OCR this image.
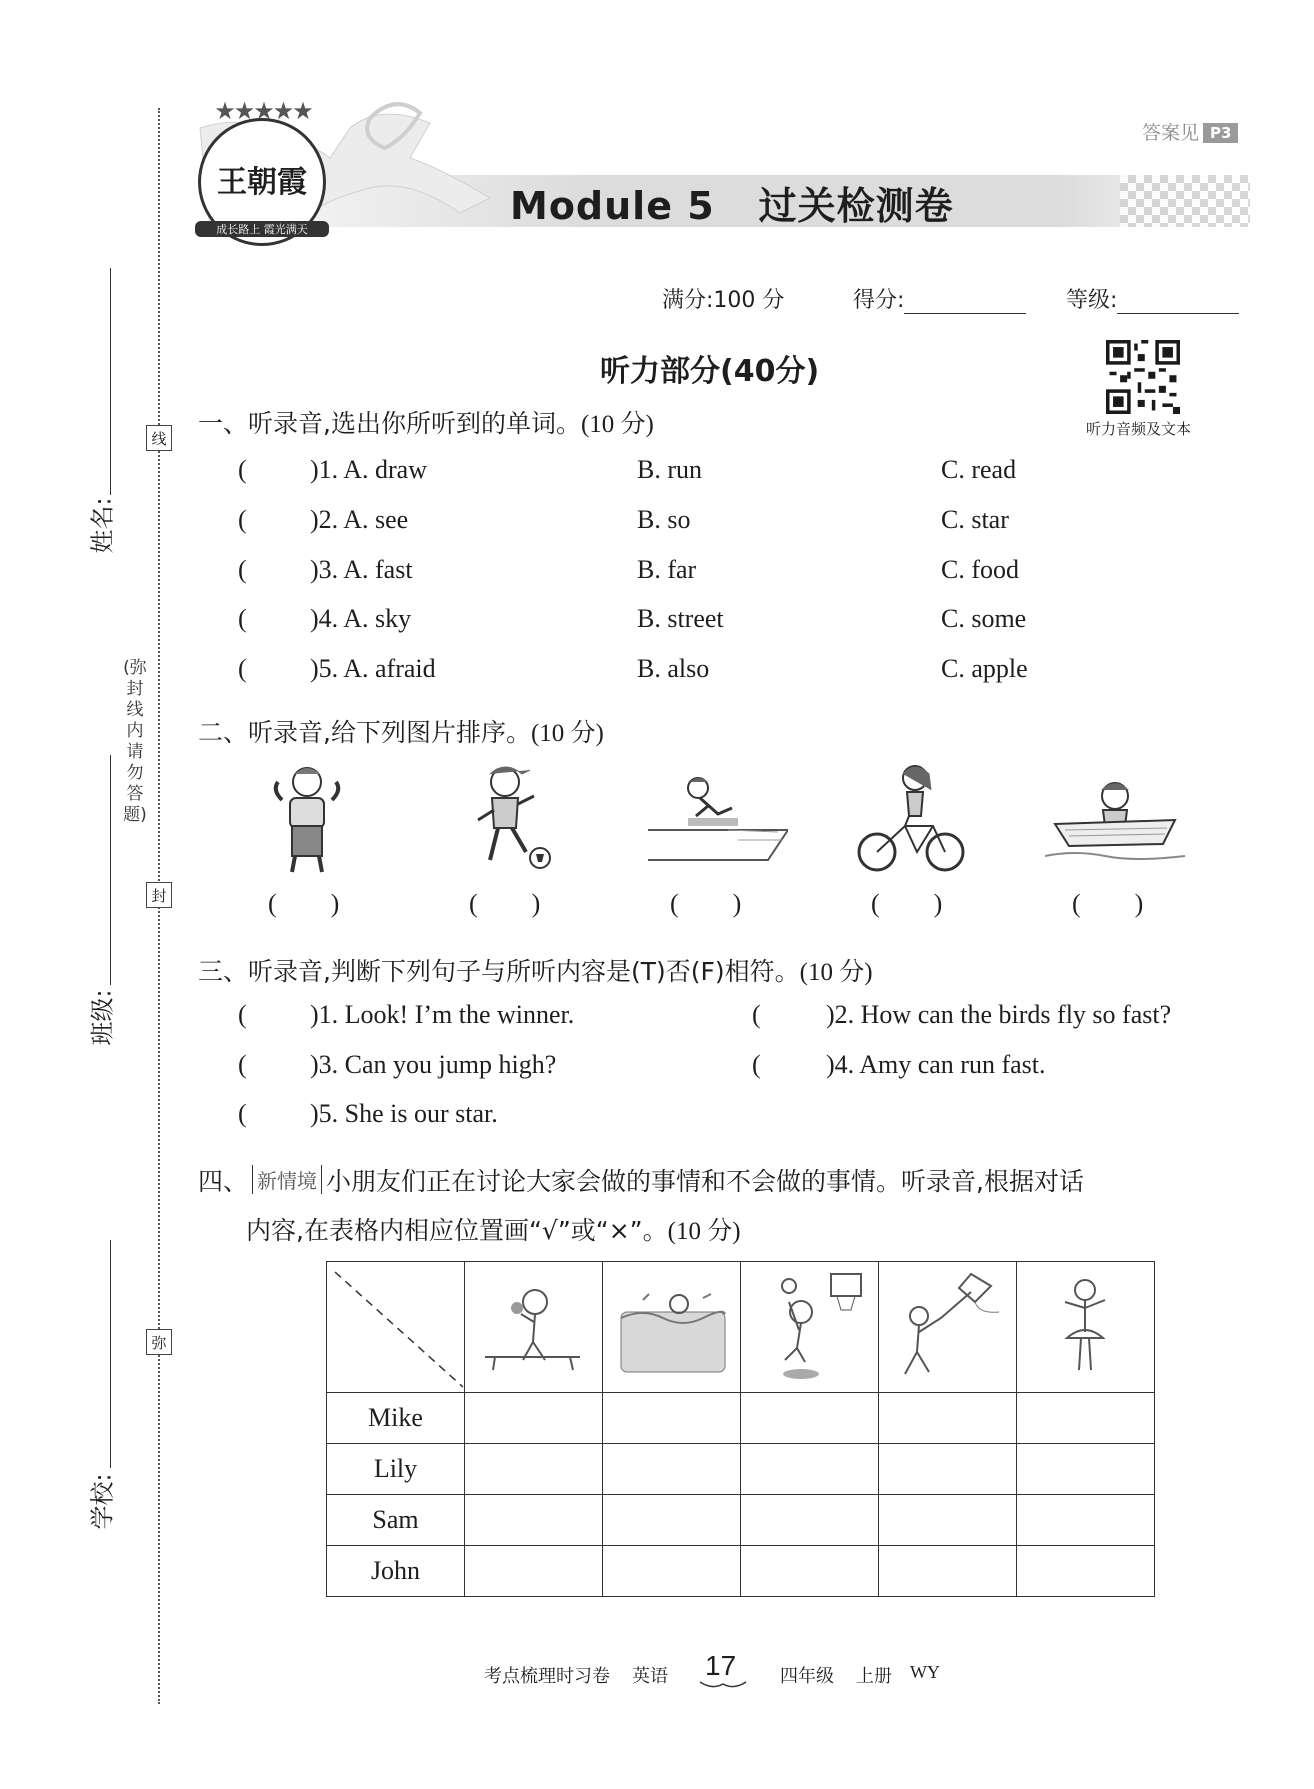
线
封
弥
姓名:
(弥封线内请勿答题)
班级:
学校:
★★★★★
王朝霞
成长路上 霞光满天
答案见 P3
Module 5 过关检测卷
满分:100 分	得分:	等级:
听力部分(40分)
听力音频及文本
一、听录音,选出你所听到的单词。(10 分)
( )1. A. draw	B. run	C. read
( )2. A. see	B. so	C. star
( )3. A. fast	B. far	C. food
( )4. A. sky	B. street	C. some
( )5. A. afraid	B. also	C. apple
二、听录音,给下列图片排序。(10 分)
( )	( )	( )	( )	( )
三、听录音,判断下列句子与所听内容是(T)否(F)相符。(10 分)
( )1. Look! I’m the winner.	(	)2. How can the birds fly so fast?
( )3. Can you jump high?	(	)4. Amy can run fast.
( )5. She is our star.
四、 新情境 小朋友们正在讨论大家会做的事情和不会做的事情。听录音,根据对话
内容,在表格内相应位置画“√”或“×”。(10 分)

Mike					
Lily					
Sam					
John					
考点梳理时习卷 英语 17 四年级 上册 WY
